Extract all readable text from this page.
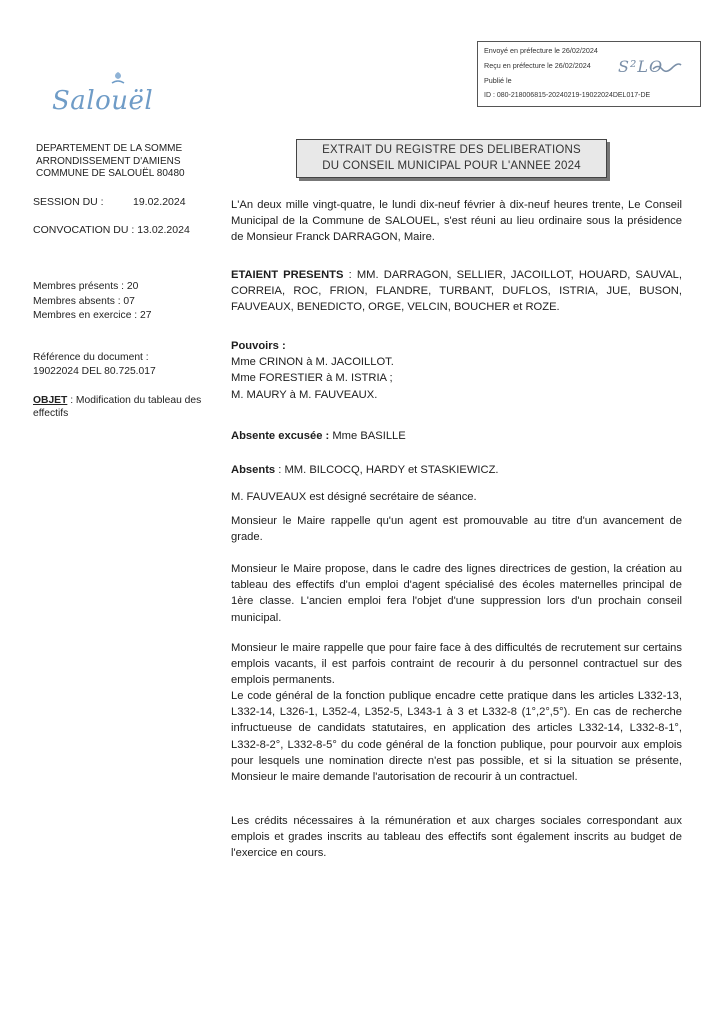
Envoyé en préfecture le 26/02/2024
Reçu en préfecture le 26/02/2024
Publié le
ID : 080-218006815-20240219-19022024DEL017-DE
S²LO
Salouël
DEPARTEMENT DE LA SOMME
ARRONDISSEMENT D'AMIENS
COMMUNE DE SALOUËL 80480
EXTRAIT DU REGISTRE DES DELIBERATIONS
DU CONSEIL MUNICIPAL POUR L'ANNEE 2024
SESSION DU :	19.02.2024
CONVOCATION DU : 13.02.2024
Membres présents : 20
Membres absents : 07
Membres en exercice : 27
Référence du document :
19022024 DEL 80.725.017
OBJET : Modification du tableau des effectifs
L'An deux mille vingt-quatre, le lundi dix-neuf février à dix-neuf heures trente, Le Conseil Municipal de la Commune de SALOUEL, s'est réuni au lieu ordinaire sous la présidence de Monsieur Franck DARRAGON, Maire.
ETAIENT PRESENTS : MM. DARRAGON, SELLIER, JACOILLOT, HOUARD, SAUVAL, CORREIA, ROC, FRION, FLANDRE, TURBANT, DUFLOS, ISTRIA, JUE, BUSON, FAUVEAUX, BENEDICTO, ORGE, VELCIN, BOUCHER et ROZE.
Pouvoirs :
Mme CRINON à M. JACOILLOT.
Mme FORESTIER à M. ISTRIA ;
M. MAURY à M. FAUVEAUX.
Absente excusée : Mme BASILLE
Absents : MM. BILCOCQ, HARDY et STASKIEWICZ.
M. FAUVEAUX est désigné secrétaire de séance.
Monsieur le Maire rappelle qu'un agent est promouvable au titre d'un avancement de grade.
Monsieur le Maire propose, dans le cadre des lignes directrices de gestion, la création au tableau des effectifs d'un emploi d'agent spécialisé des écoles maternelles principal de 1ère classe. L'ancien emploi fera l'objet d'une suppression lors d'un prochain conseil municipal.
Monsieur le maire rappelle que pour faire face à des difficultés de recrutement sur certains emplois vacants, il est parfois contraint de recourir à du personnel contractuel sur des emplois permanents.
Le code général de la fonction publique encadre cette pratique dans les articles L332-13, L332-14, L326-1, L352-4, L352-5, L343-1 à 3 et L332-8 (1°,2°,5°). En cas de recherche infructueuse de candidats statutaires, en application des articles L332-14, L332-8-1°, L332-8-2°, L332-8-5° du code général de la fonction publique, pour pourvoir aux emplois pour lesquels une nomination directe n'est pas possible, et si la situation se présente, Monsieur le maire demande l'autorisation de recourir à un contractuel.
Les crédits nécessaires à la rémunération et aux charges sociales correspondant aux emplois et grades inscrits au tableau des effectifs sont également inscrits au budget de l'exercice en cours.
